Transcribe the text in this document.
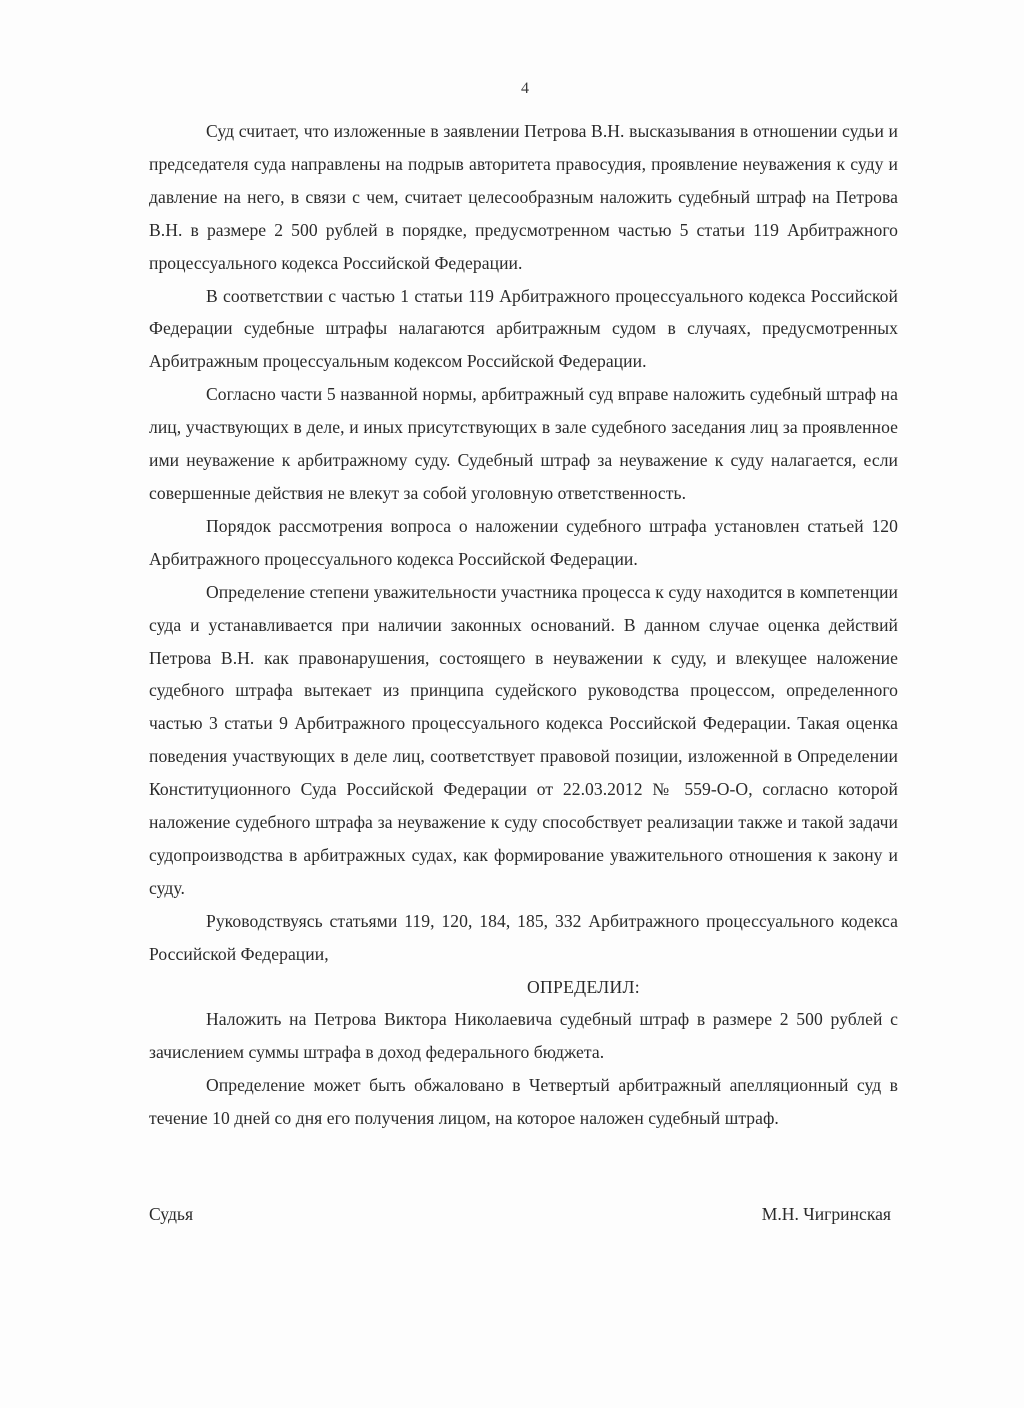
4

Суд считает, что изложенные в заявлении Петрова В.Н. высказывания в отношении судьи и председателя суда направлены на подрыв авторитета правосудия, проявление неуважения к суду и давление на него, в связи с чем, считает целесообразным наложить судебный штраф на Петрова В.Н. в размере 2 500 рублей в порядке, предусмотренном частью 5 статьи 119 Арбитражного процессуального кодекса Российской Федерации.

В соответствии с частью 1 статьи 119 Арбитражного процессуального кодекса Российской Федерации судебные штрафы налагаются арбитражным судом в случаях, предусмотренных Арбитражным процессуальным кодексом Российской Федерации.

Согласно части 5 названной нормы, арбитражный суд вправе наложить судебный штраф на лиц, участвующих в деле, и иных присутствующих в зале судебного заседания лиц за проявленное ими неуважение к арбитражному суду. Судебный штраф за неуважение к суду налагается, если совершенные действия не влекут за собой уголовную ответственность.

Порядок рассмотрения вопроса о наложении судебного штрафа установлен статьей 120 Арбитражного процессуального кодекса Российской Федерации.

Определение степени уважительности участника процесса к суду находится в компетенции суда и устанавливается при наличии законных оснований. В данном случае оценка действий Петрова В.Н. как правонарушения, состоящего в неуважении к суду, и влекущее наложение судебного штрафа вытекает из принципа судейского руководства процессом, определенного частью 3 статьи 9 Арбитражного процессуального кодекса Российской Федерации. Такая оценка поведения участвующих в деле лиц, соответствует правовой позиции, изложенной в Определении Конституционного Суда Российской Федерации от 22.03.2012 № 559-О-О, согласно которой наложение судебного штрафа за неуважение к суду способствует реализации также и такой задачи судопроизводства в арбитражных судах, как формирование уважительного отношения к закону и суду.

Руководствуясь статьями 119, 120, 184, 185, 332 Арбитражного процессуального кодекса Российской Федерации,

ОПРЕДЕЛИЛ:

Наложить на Петрова Виктора Николаевича судебный штраф в размере 2 500 рублей с зачислением суммы штрафа в доход федерального бюджета.

Определение может быть обжаловано в Четвертый арбитражный апелляционный суд в течение 10 дней со дня его получения лицом, на которое наложен судебный штраф.

Судья	М.Н. Чигринская
